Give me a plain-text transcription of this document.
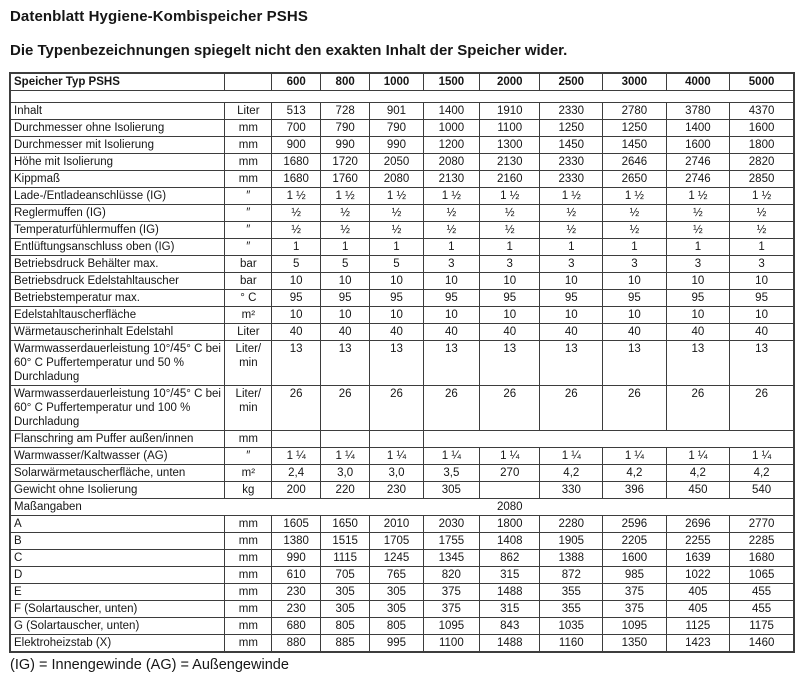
Datenblatt Hygiene-Kombispeicher PSHS
Die Typenbezeichnungen spiegelt nicht den exakten Inhalt der Speicher wider.
Speicher Typ PSHS		600	800	1000	1500	2000	2500	3000	4000	5000

Inhalt	Liter	513	728	901	1400	1910	2330	2780	3780	4370
Durchmesser ohne Isolierung	mm	700	790	790	1000	1100	1250	1250	1400	1600
Durchmesser mit Isolierung	mm	900	990	990	1200	1300	1450	1450	1600	1800
Höhe mit Isolierung	mm	1680	1720	2050	2080	2130	2330	2646	2746	2820
Kippmaß	mm	1680	1760	2080	2130	2160	2330	2650	2746	2850
Lade-/Entladeanschlüsse (IG)	″	1 ½	1 ½	1 ½	1 ½	1 ½	1 ½	1 ½	1 ½	1 ½
Reglermuffen (IG)	″	½	½	½	½	½	½	½	½	½
Temperaturfühlermuffen (IG)	″	½	½	½	½	½	½	½	½	½
Entlüftungsanschluss oben (IG)	″	1	1	1	1	1	1	1	1	1
Betriebsdruck Behälter max.	bar	5	5	5	3	3	3	3	3	3
Betriebsdruck Edelstahltauscher	bar	10	10	10	10	10	10	10	10	10
Betriebstemperatur max.	° C	95	95	95	95	95	95	95	95	95
Edelstahltauscherfläche	m²	10	10	10	10	10	10	10	10	10
Wärmetauscherinhalt Edelstahl	Liter	40	40	40	40	40	40	40	40	40
Warmwasserdauerleistung 10°/45° C bei 60° C Puffertemperatur und 50 % Durchladung	Liter/ min	13	13	13	13	13	13	13	13	13
Warmwasserdauerleistung 10°/45° C bei 60° C Puffertemperatur und 100 % Durchladung	Liter/ min	26	26	26	26	26	26	26	26	26
Flanschring am Puffer außen/innen	mm									
Warmwasser/Kaltwasser (AG)	″	1 ¼	1 ¼	1 ¼	1 ¼	1 ¼	1 ¼	1 ¼	1 ¼	1 ¼
Solarwärmetauscherfläche, unten	m²	2,4	3,0	3,0	3,5	270	4,2	4,2	4,2	4,2
Gewicht ohne Isolierung	kg	200	220	230	305		330	396	450	540
Maßangaben						2080				
A	mm	1605	1650	2010	2030	1800	2280	2596	2696	2770
B	mm	1380	1515	1705	1755	1408	1905	2205	2255	2285
C	mm	990	1115	1245	1345	862	1388	1600	1639	1680
D	mm	610	705	765	820	315	872	985	1022	1065
E	mm	230	305	305	375	1488	355	375	405	455
F (Solartauscher, unten)	mm	230	305	305	375	315	355	375	405	455
G (Solartauscher, unten)	mm	680	805	805	1095	843	1035	1095	1125	1175
Elektroheizstab (X)	mm	880	885	995	1100	1488	1160	1350	1423	1460
(IG) = Innengewinde (AG) = Außengewinde
